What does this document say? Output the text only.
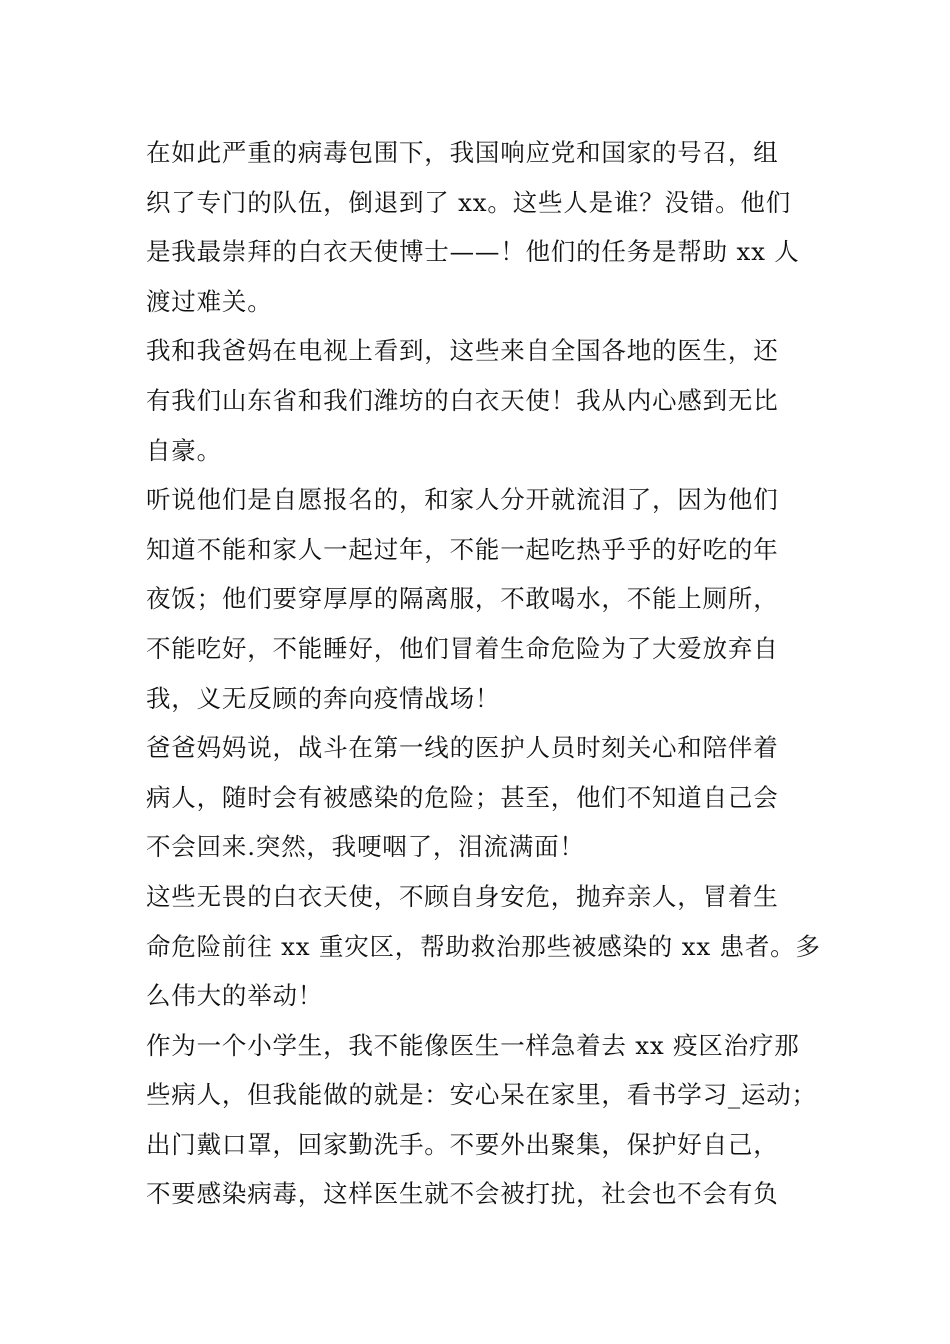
在如此严重的病毒包围下，我国响应党和国家的号召，组
织了专门的队伍，倒退到了 xx。这些人是谁？没错。他们
是我最崇拜的白衣天使博士——！他们的任务是帮助 xx 人
渡过难关。
我和我爸妈在电视上看到，这些来自全国各地的医生，还
有我们山东省和我们潍坊的白衣天使！我从内心感到无比
自豪。
听说他们是自愿报名的，和家人分开就流泪了，因为他们
知道不能和家人一起过年，不能一起吃热乎乎的好吃的年
夜饭；他们要穿厚厚的隔离服，不敢喝水，不能上厕所，
不能吃好，不能睡好，他们冒着生命危险为了大爱放弃自
我，义无反顾的奔向疫情战场！
爸爸妈妈说，战斗在第一线的医护人员时刻关心和陪伴着
病人，随时会有被感染的危险；甚至，他们不知道自己会
不会回来.突然，我哽咽了，泪流满面！
这些无畏的白衣天使，不顾自身安危，抛弃亲人，冒着生
命危险前往 xx 重灾区，帮助救治那些被感染的 xx 患者。多
么伟大的举动！
作为一个小学生，我不能像医生一样急着去 xx 疫区治疗那
些病人，但我能做的就是：安心呆在家里，看书学习_运动；
出门戴口罩，回家勤洗手。不要外出聚集，保护好自己，
不要感染病毒，这样医生就不会被打扰，社会也不会有负
